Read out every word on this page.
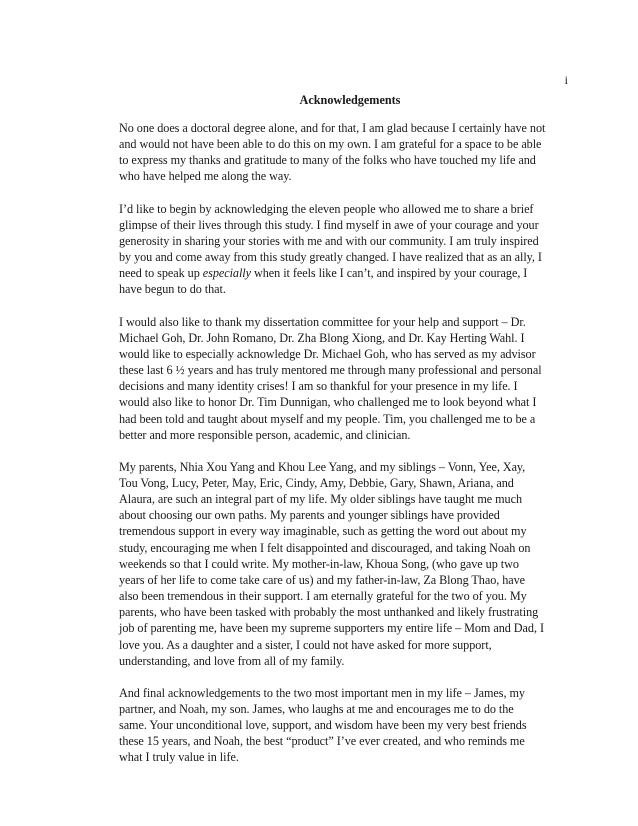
i
Acknowledgements

No one does a doctoral degree alone, and for that, I am glad because I certainly have not
and would not have been able to do this on my own. I am grateful for a space to be able
to express my thanks and gratitude to many of the folks who have touched my life and
who have helped me along the way.

I’d like to begin by acknowledging the eleven people who allowed me to share a brief
glimpse of their lives through this study. I find myself in awe of your courage and your
generosity in sharing your stories with me and with our community. I am truly inspired
by you and come away from this study greatly changed. I have realized that as an ally, I
need to speak up especially when it feels like I can’t, and inspired by your courage, I
have begun to do that.

I would also like to thank my dissertation committee for your help and support – Dr.
Michael Goh, Dr. John Romano, Dr. Zha Blong Xiong, and Dr. Kay Herting Wahl. I
would like to especially acknowledge Dr. Michael Goh, who has served as my advisor
these last 6 ½ years and has truly mentored me through many professional and personal
decisions and many identity crises! I am so thankful for your presence in my life. I
would also like to honor Dr. Tim Dunnigan, who challenged me to look beyond what I
had been told and taught about myself and my people. Tim, you challenged me to be a
better and more responsible person, academic, and clinician.

My parents, Nhia Xou Yang and Khou Lee Yang, and my siblings – Vonn, Yee, Xay,
Tou Vong, Lucy, Peter, May, Eric, Cindy, Amy, Debbie, Gary, Shawn, Ariana, and
Alaura, are such an integral part of my life. My older siblings have taught me much
about choosing our own paths. My parents and younger siblings have provided
tremendous support in every way imaginable, such as getting the word out about my
study, encouraging me when I felt disappointed and discouraged, and taking Noah on
weekends so that I could write. My mother-in-law, Khoua Song, (who gave up two
years of her life to come take care of us) and my father-in-law, Za Blong Thao, have
also been tremendous in their support. I am eternally grateful for the two of you. My
parents, who have been tasked with probably the most unthanked and likely frustrating
job of parenting me, have been my supreme supporters my entire life – Mom and Dad, I
love you. As a daughter and a sister, I could not have asked for more support,
understanding, and love from all of my family.

And final acknowledgements to the two most important men in my life – James, my
partner, and Noah, my son. James, who laughs at me and encourages me to do the
same. Your unconditional love, support, and wisdom have been my very best friends
these 15 years, and Noah, the best “product” I’ve ever created, and who reminds me
what I truly value in life.
